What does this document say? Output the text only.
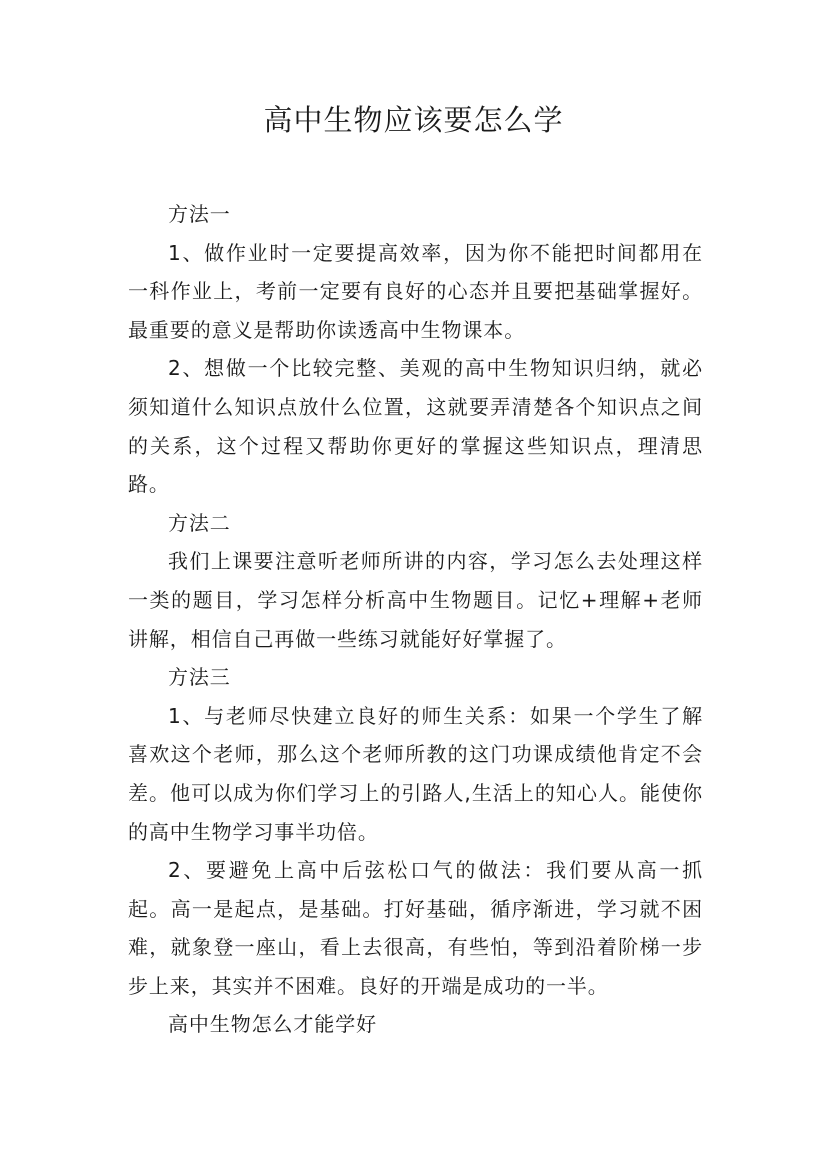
高中生物应该要怎么学

方法一

1、做作业时一定要提高效率，因为你不能把时间都用在一科作业上，考前一定要有良好的心态并且要把基础掌握好。最重要的意义是帮助你读透高中生物课本。

2、想做一个比较完整、美观的高中生物知识归纳，就必须知道什么知识点放什么位置，这就要弄清楚各个知识点之间的关系，这个过程又帮助你更好的掌握这些知识点，理清思路。

方法二

我们上课要注意听老师所讲的内容，学习怎么去处理这样一类的题目，学习怎样分析高中生物题目。记忆+理解+老师讲解，相信自己再做一些练习就能好好掌握了。

方法三

1、与老师尽快建立良好的师生关系：如果一个学生了解喜欢这个老师，那么这个老师所教的这门功课成绩他肯定不会差。他可以成为你们学习上的引路人,生活上的知心人。能使你的高中生物学习事半功倍。

2、要避免上高中后弦松口气的做法：我们要从高一抓起。高一是起点，是基础。打好基础，循序渐进，学习就不困难，就象登一座山，看上去很高，有些怕，等到沿着阶梯一步步上来，其实并不困难。良好的开端是成功的一半。

高中生物怎么才能学好
